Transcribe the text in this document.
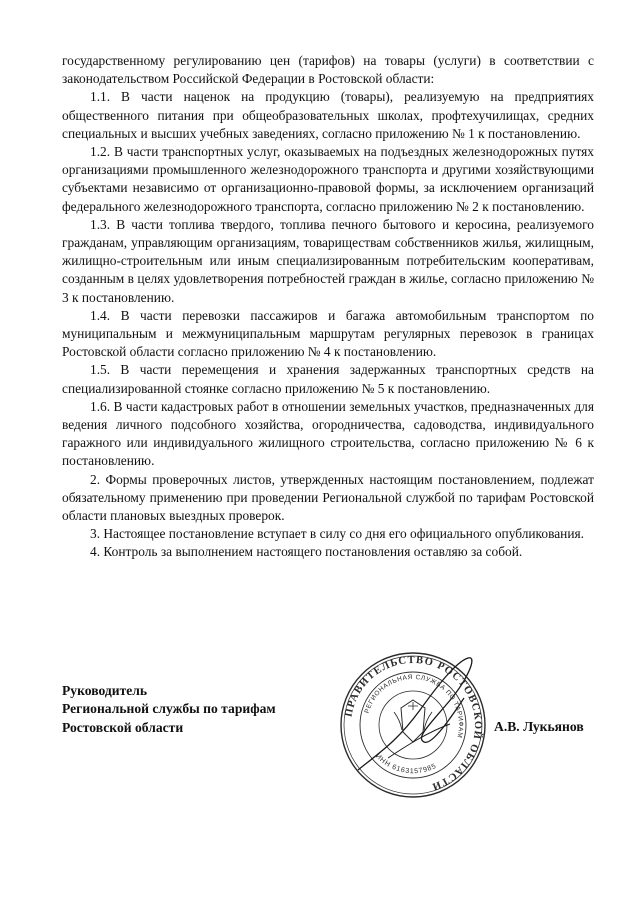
государственному регулированию цен (тарифов) на товары (услуги) в соответствии с законодательством Российской Федерации в Ростовской области:

1.1. В части наценок на продукцию (товары), реализуемую на предприятиях общественного питания при общеобразовательных школах, профтехучилищах, средних специальных и высших учебных заведениях, согласно приложению № 1 к постановлению.

1.2. В части транспортных услуг, оказываемых на подъездных железнодорожных путях организациями промышленного железнодорожного транспорта и другими хозяйствующими субъектами независимо от организационно-правовой формы, за исключением организаций федерального железнодорожного транспорта, согласно приложению № 2 к постановлению.

1.3. В части топлива твердого, топлива печного бытового и керосина, реализуемого гражданам, управляющим организациям, товариществам собственников жилья, жилищным, жилищно-строительным или иным специализированным потребительским кооперативам, созданным в целях удовлетворения потребностей граждан в жилье, согласно приложению № 3 к постановлению.

1.4. В части перевозки пассажиров и багажа автомобильным транспортом по муниципальным и межмуниципальным маршрутам регулярных перевозок в границах Ростовской области согласно приложению № 4 к постановлению.

1.5. В части перемещения и хранения задержанных транспортных средств на специализированной стоянке согласно приложению № 5 к постановлению.

1.6. В части кадастровых работ в отношении земельных участков, предназначенных для ведения личного подсобного хозяйства, огородничества, садоводства, индивидуального гаражного или индивидуального жилищного строительства, согласно приложению № 6 к постановлению.

2. Формы проверочных листов, утвержденных настоящим постановлением, подлежат обязательному применению при проведении Региональной службой по тарифам Ростовской области плановых выездных проверок.

3. Настоящее постановление вступает в силу со дня его официального опубликования.

4. Контроль за выполнением настоящего постановления оставляю за собой.

Руководитель
Региональной службы по тарифам
Ростовской области
ПРАВИТЕЛЬСТВО РОСТОВСКОЙ ОБЛАСТИ
РЕГИОНАЛЬНАЯ СЛУЖБА ПО ТАРИФАМ
ИНН 6163157985
А.В. Лукьянов
